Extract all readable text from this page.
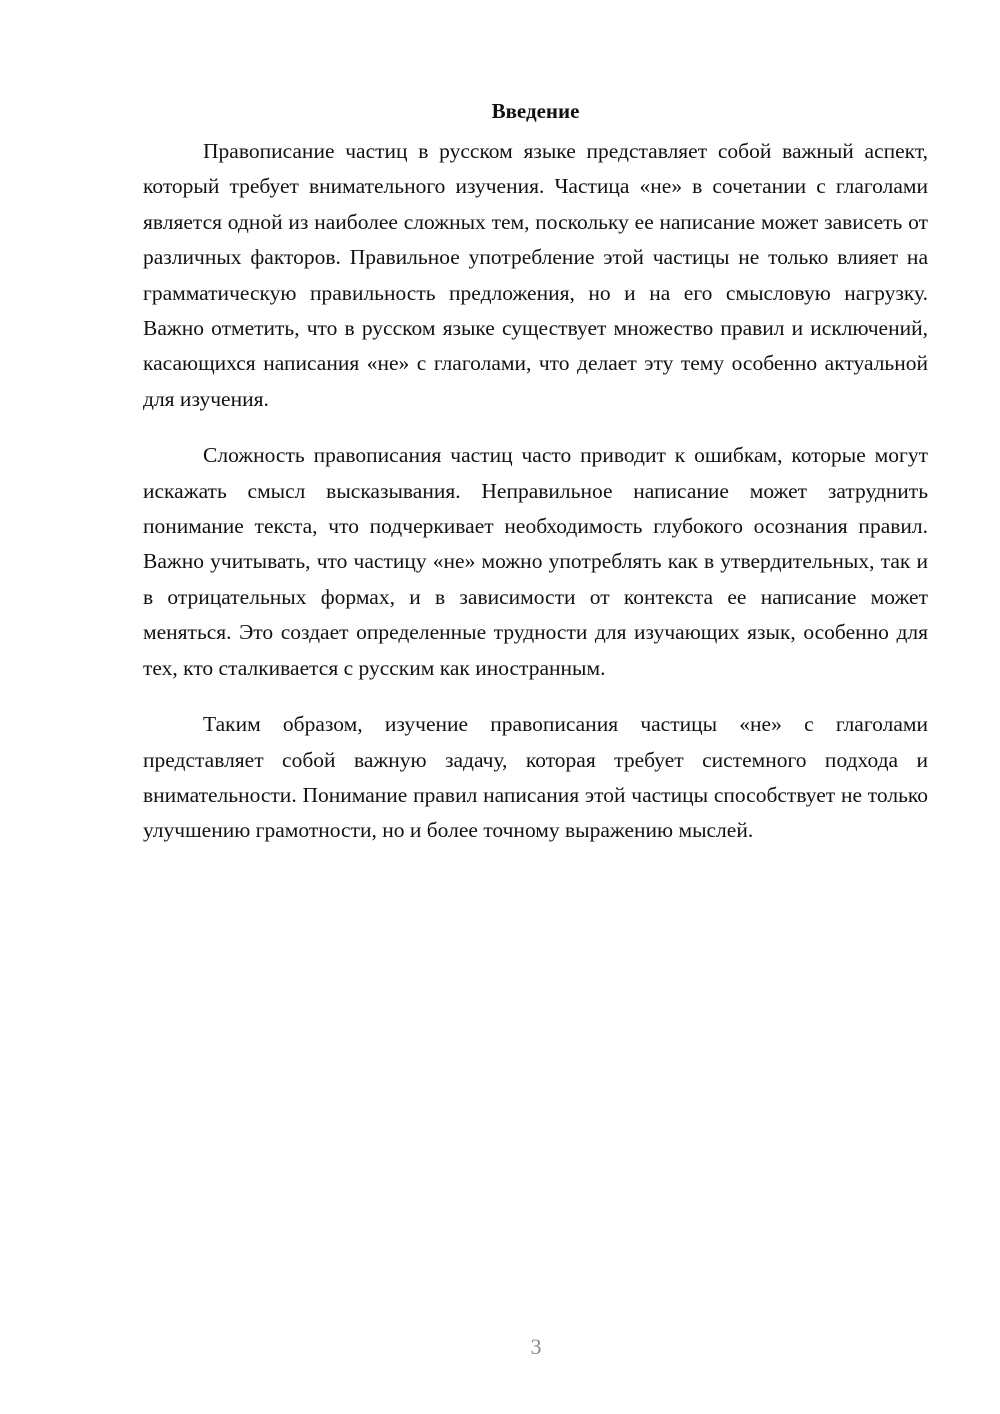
Введение

Правописание частиц в русском языке представляет собой важный аспект, который требует внимательного изучения. Частица «не» в сочетании с глаголами является одной из наиболее сложных тем, поскольку ее написание может зависеть от различных факторов. Правильное употребление этой частицы не только влияет на грамматическую правильность предложения, но и на его смысловую нагрузку. Важно отметить, что в русском языке существует множество правил и исключений, касающихся написания «не» с глаголами, что делает эту тему особенно актуальной для изучения.

Сложность правописания частиц часто приводит к ошибкам, которые могут искажать смысл высказывания. Неправильное написание может затруднить понимание текста, что подчеркивает необходимость глубокого осознания правил. Важно учитывать, что частицу «не» можно употреблять как в утвердительных, так и в отрицательных формах, и в зависимости от контекста ее написание может меняться. Это создает определенные трудности для изучающих язык, особенно для тех, кто сталкивается с русским как иностранным.

Таким образом, изучение правописания частицы «не» с глаголами представляет собой важную задачу, которая требует системного подхода и внимательности. Понимание правил написания этой частицы способствует не только улучшению грамотности, но и более точному выражению мыслей.

3
